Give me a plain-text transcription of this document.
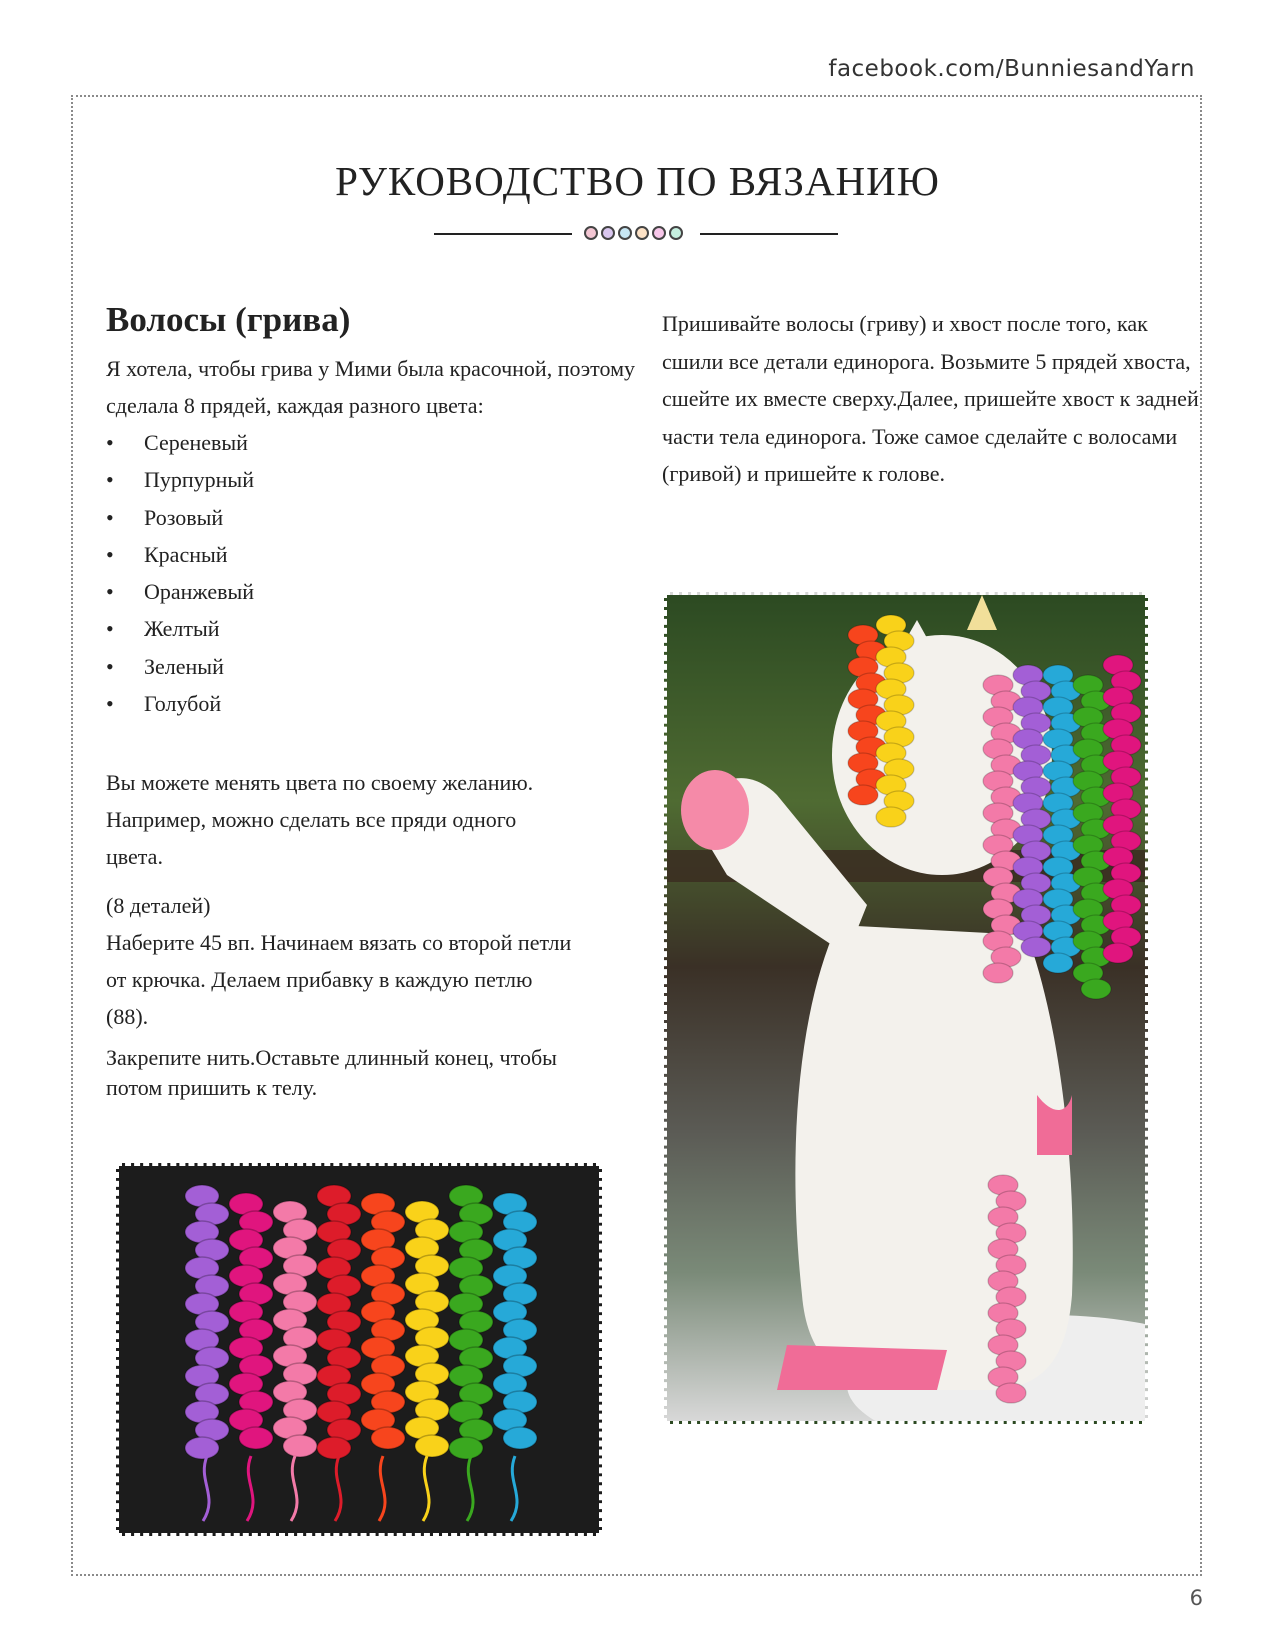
facebook.com/BunniesandYarn
РУКОВОДСТВО ПО ВЯЗАНИЮ
Волосы (грива)

Я хотела, чтобы грива у Мими была красочной, поэтому сделала 8 прядей, каждая разного цвета:

• Сереневый
• Пурпурный
• Розовый
• Красный
• Оранжевый
• Желтый
• Зеленый
• Голубой

Вы можете менять цвета по своему желанию. Например, можно сделать все пряди одного цвета.

(8 деталей)

Наберите 45 вп. Начинаем вязать со второй петли от крючка. Делаем прибавку в каждую петлю (88).

Закрепите нить.Оставьте длинный конец, чтобы потом пришить к телу.

Пришивайте волосы (гриву) и хвост после того, как сшили все детали единорога. Возьмите 5 прядей хвоста, сшейте их вместе сверху.Далее, пришейте хвост к задней части тела единорога. Тоже самое сделайте с волосами (гривой) и пришейте к голове.

6
